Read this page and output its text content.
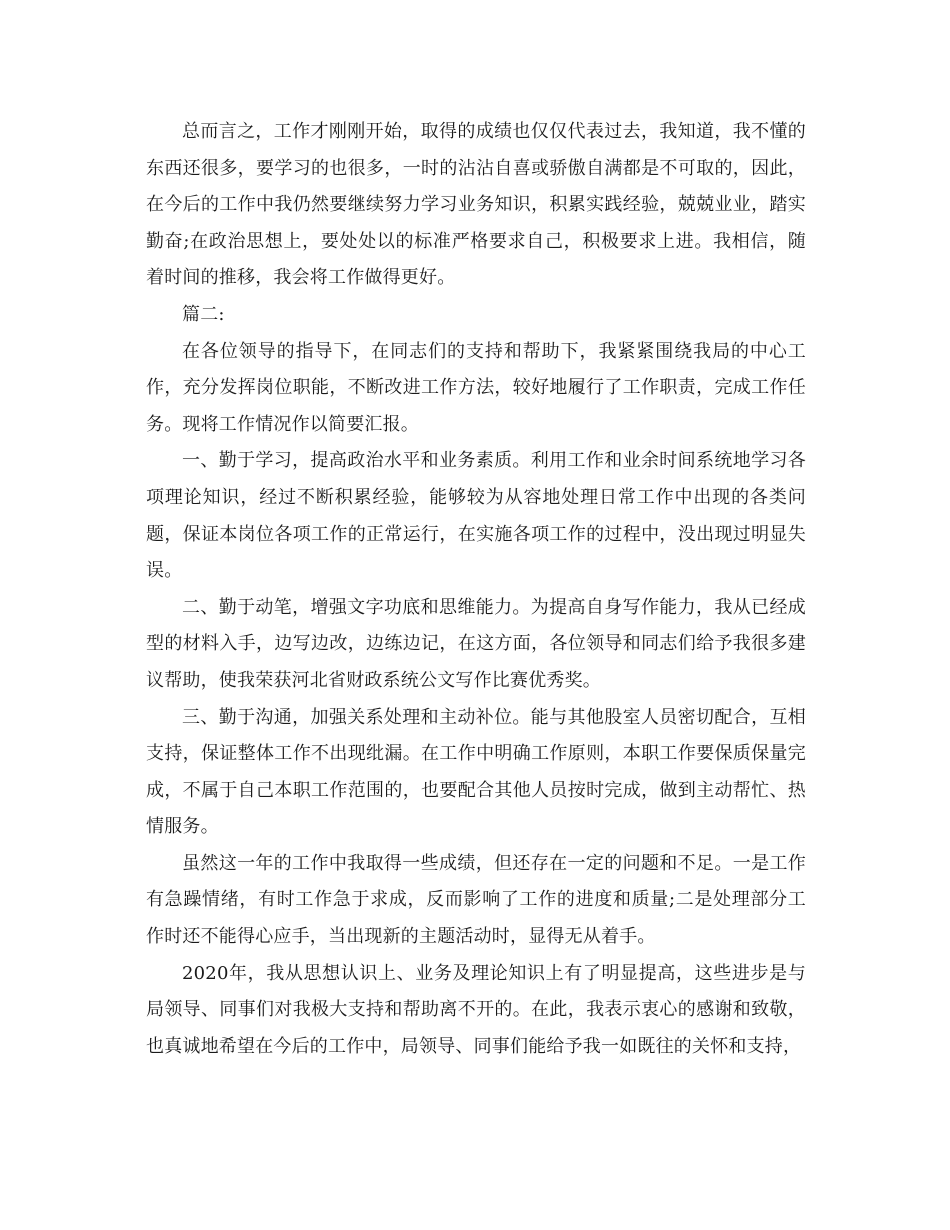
总而言之，工作才刚刚开始，取得的成绩也仅仅代表过去，我知道，我不懂的东西还很多，要学习的也很多，一时的沾沾自喜或骄傲自满都是不可取的，因此，在今后的工作中我仍然要继续努力学习业务知识，积累实践经验，兢兢业业，踏实勤奋;在政治思想上，要处处以的标准严格要求自己，积极要求上进。我相信，随着时间的推移，我会将工作做得更好。

篇二:

在各位领导的指导下，在同志们的支持和帮助下，我紧紧围绕我局的中心工作，充分发挥岗位职能，不断改进工作方法，较好地履行了工作职责，完成工作任务。现将工作情况作以简要汇报。

一、勤于学习，提高政治水平和业务素质。利用工作和业余时间系统地学习各项理论知识，经过不断积累经验，能够较为从容地处理日常工作中出现的各类问题，保证本岗位各项工作的正常运行，在实施各项工作的过程中，没出现过明显失误。

二、勤于动笔，增强文字功底和思维能力。为提高自身写作能力，我从已经成型的材料入手，边写边改，边练边记，在这方面，各位领导和同志们给予我很多建议帮助，使我荣获河北省财政系统公文写作比赛优秀奖。

三、勤于沟通，加强关系处理和主动补位。能与其他股室人员密切配合，互相支持，保证整体工作不出现纰漏。在工作中明确工作原则，本职工作要保质保量完成，不属于自己本职工作范围的，也要配合其他人员按时完成，做到主动帮忙、热情服务。

虽然这一年的工作中我取得一些成绩，但还存在一定的问题和不足。一是工作有急躁情绪，有时工作急于求成，反而影响了工作的进度和质量;二是处理部分工作时还不能得心应手，当出现新的主题活动时，显得无从着手。

2020年，我从思想认识上、业务及理论知识上有了明显提高，这些进步是与局领导、同事们对我极大支持和帮助离不开的。在此，我表示衷心的感谢和致敬，也真诚地希望在今后的工作中，局领导、同事们能给予我一如既往的关怀和支持，
